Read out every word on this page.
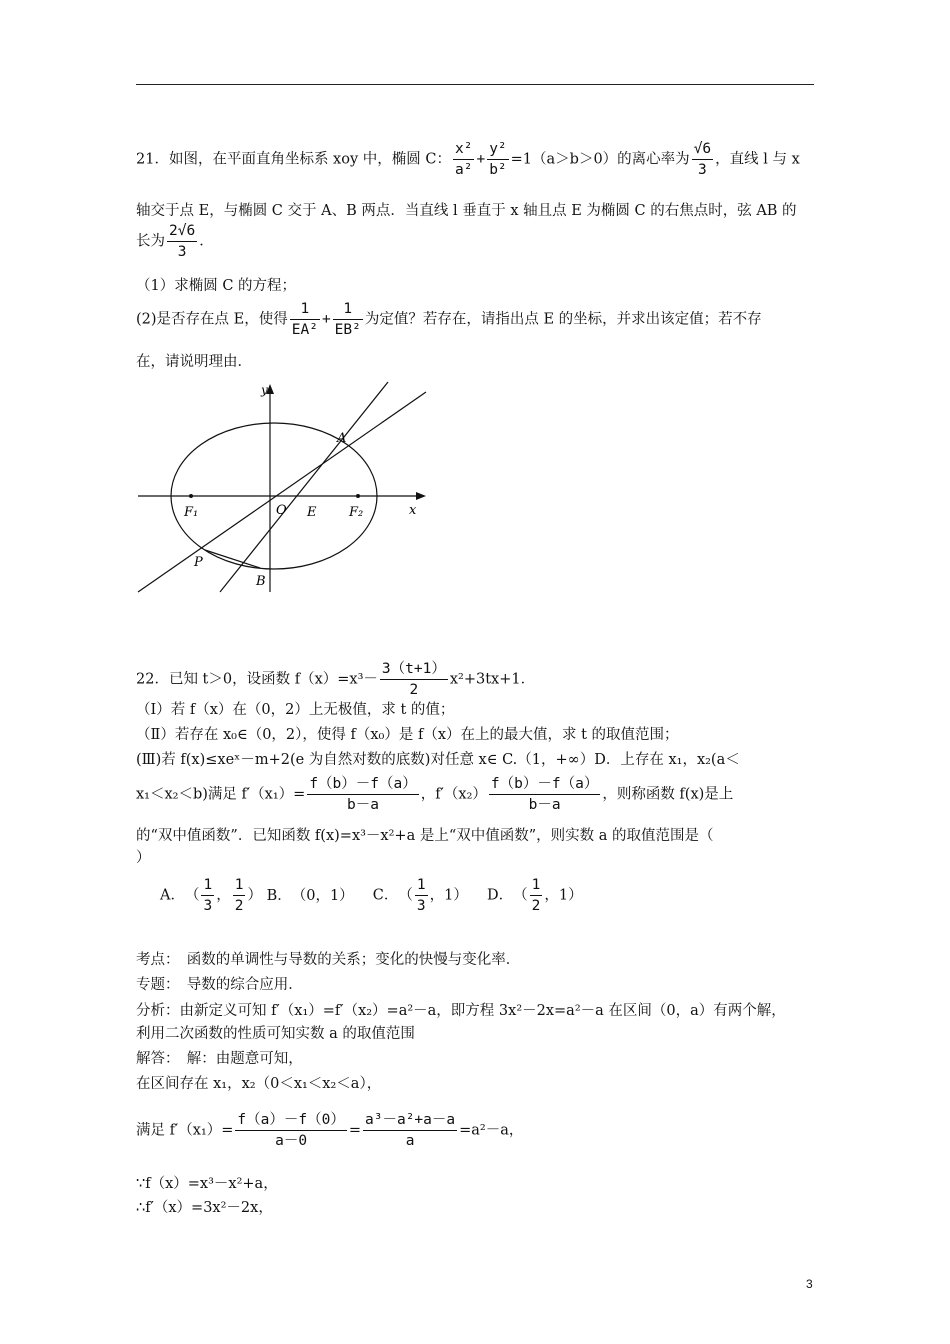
21．如图，在平面直角坐标系 xoy 中，椭圆 C： $\frac{\text{x²}}{\text{a²}} + \frac{\text{y²}}{\text{b²}} =1(a>b>0)$的离心率为 $\frac{√6}{3}$ ，直线 l 与 x
轴交于点 E，与椭圆 C 交于 A、B 两点．当直线 l 垂直于 x 轴且点 E 为椭圆 C 的右焦点时，弦 AB 的
长为 $\frac{2√6}{3}$ ．
（1）求椭圆 C 的方程；
(2)是否存在点 E，使得 $\frac{1}{\text{EA²}} + \frac{1}{\text{EB²}}$ 为定值？若存在，请指出点 E 的坐标，并求出该定值；若不存
在，请说明理由．
y
A
F₁	O E	F₂	x
P
B
22．已知 t＞0，设函数 $f(x)=x^3- \frac{3(t+1)}{2} x^2+3tx+1$．
（Ⅰ）若 f（x）在（0，2）上无极值，求 t 的值；
（Ⅱ）若存在 x₀∈（0，2），使得 f（x₀）是 f（x）在上的最大值，求 t 的取值范围；
(Ⅲ)若 f(x)≤xeˣ－m+2(e 为自然对数的底数)对任意 x∈ C.（1，+∞）D．上存在 x₁，x₂(a＜
x₁＜x₂＜b)满足 $f'(x_1)= \frac{f(b)-f(a)}{b-a}$ ，$f'(x_2) \frac{f(b)-f(a)}{b-a}$ ，则称函数 f(x)是上
的“双中值函数”．已知函数 f(x)=x³－x²+a 是上“双中值函数”，则实数 a 的取值范围是（
）
A．　 （ $\frac{1}{3}$ ， $\frac{1}{2}$ ） B．　（0，1） 　 C．　 （ $\frac{1}{3}$ ，1） 　 D．　 （ $\frac{1}{2}$ ，1）
考点：　函数的单调性与导数的关系；变化的快慢与变化率．
专题：　导数的综合应用．
分析：由新定义可知 f′（x₁）=f′（x₂）=a²－a，即方程 3x²－2x=a²－a 在区间（0，a）有两个解，
利用二次函数的性质可知实数 a 的取值范围
解答：　解：由题意可知，
在区间存在 x₁，x₂（0＜x₁＜x₂＜a），
满足 $f'(x_1)= \frac{f(a)-f(0)}{a-0} = \frac{\text{a³－a²+a－a}}{a} =a^2-a$，
∵f（x）=x³－x²+a，
∴f′（x）=3x²－2x，
3
